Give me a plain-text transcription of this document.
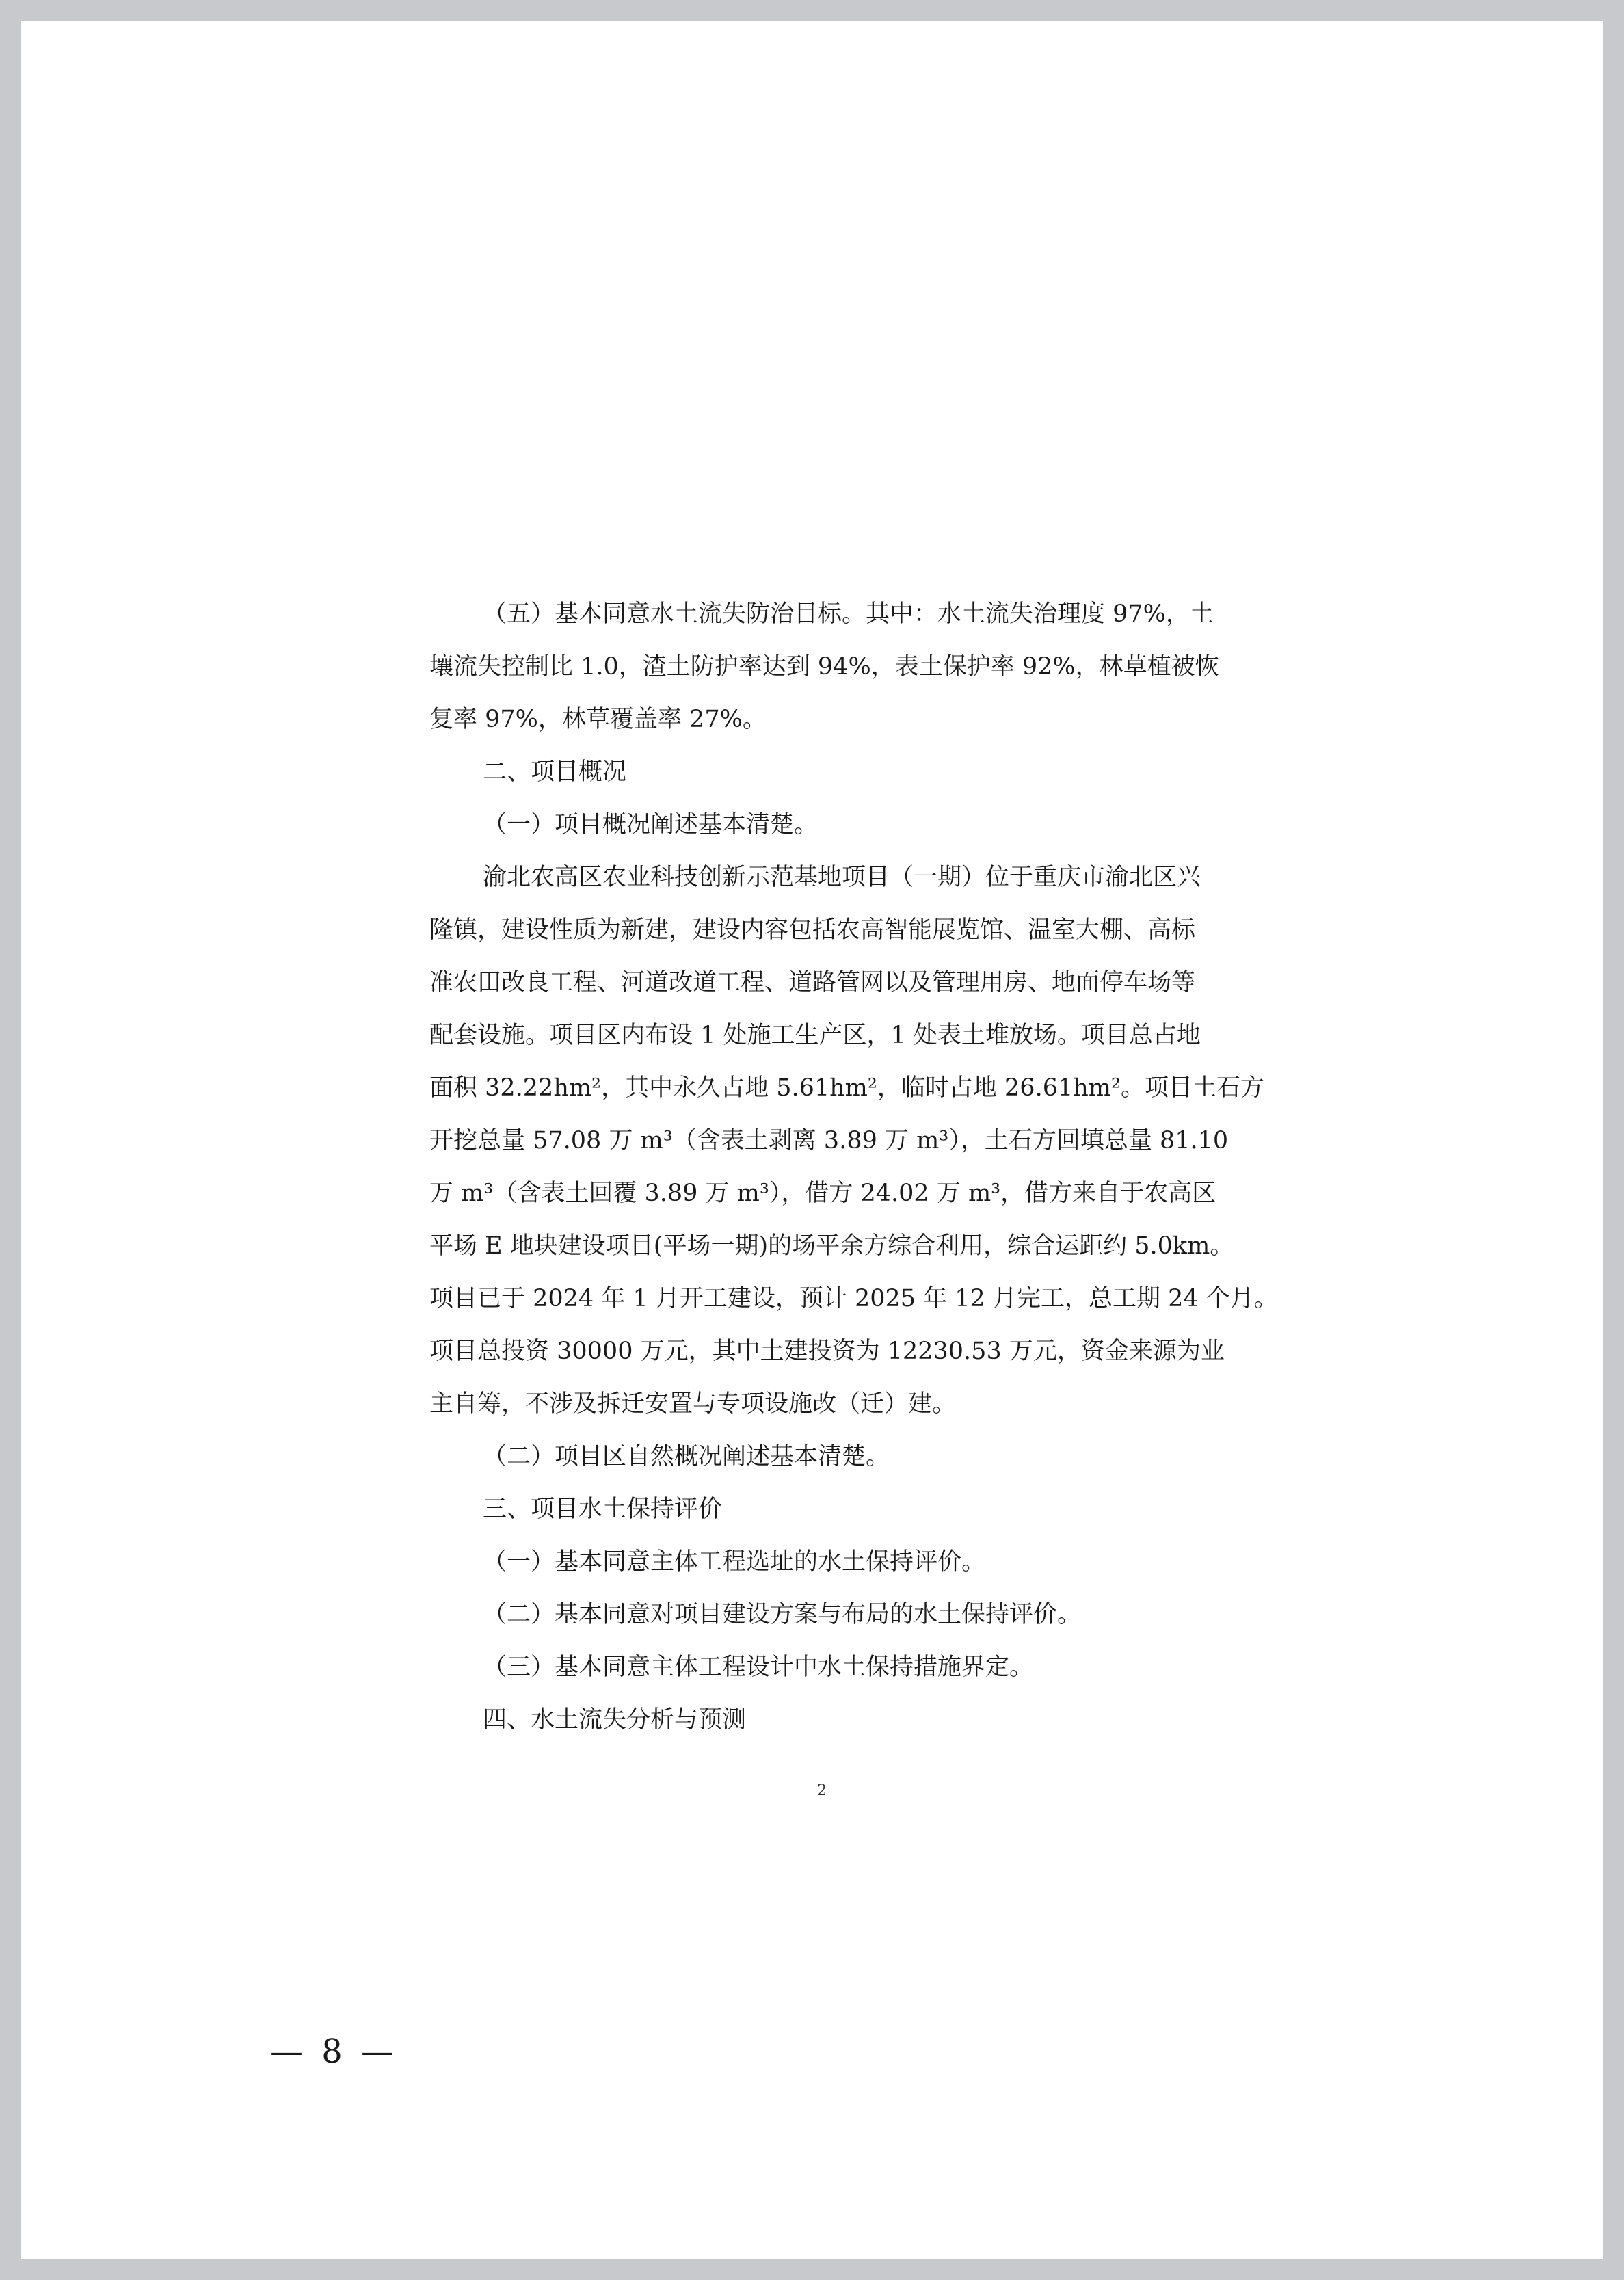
（五）基本同意水土流失防治目标。其中：水土流失治理度 97%，土
壤流失控制比 1.0，渣土防护率达到 94%，表土保护率 92%，林草植被恢
复率 97%，林草覆盖率 27%。
二、项目概况
（一）项目概况阐述基本清楚。
渝北农高区农业科技创新示范基地项目（一期）位于重庆市渝北区兴
隆镇，建设性质为新建，建设内容包括农高智能展览馆、温室大棚、高标
准农田改良工程、河道改道工程、道路管网以及管理用房、地面停车场等
配套设施。项目区内布设 1 处施工生产区，1 处表土堆放场。项目总占地
面积 32.22hm²，其中永久占地 5.61hm²，临时占地 26.61hm²。项目土石方
开挖总量 57.08 万 m³（含表土剥离 3.89 万 m³），土石方回填总量 81.10
万 m³（含表土回覆 3.89 万 m³），借方 24.02 万 m³，借方来自于农高区
平场 E 地块建设项目(平场一期)的场平余方综合利用，综合运距约 5.0km。
项目已于 2024 年 1 月开工建设，预计 2025 年 12 月完工，总工期 24 个月。
项目总投资 30000 万元，其中土建投资为 12230.53 万元，资金来源为业
主自筹，不涉及拆迁安置与专项设施改（迁）建。
（二）项目区自然概况阐述基本清楚。
三、项目水土保持评价
（一）基本同意主体工程选址的水土保持评价。
（二）基本同意对项目建设方案与布局的水土保持评价。
（三）基本同意主体工程设计中水土保持措施界定。
四、水土流失分析与预测
2
— 8 —
